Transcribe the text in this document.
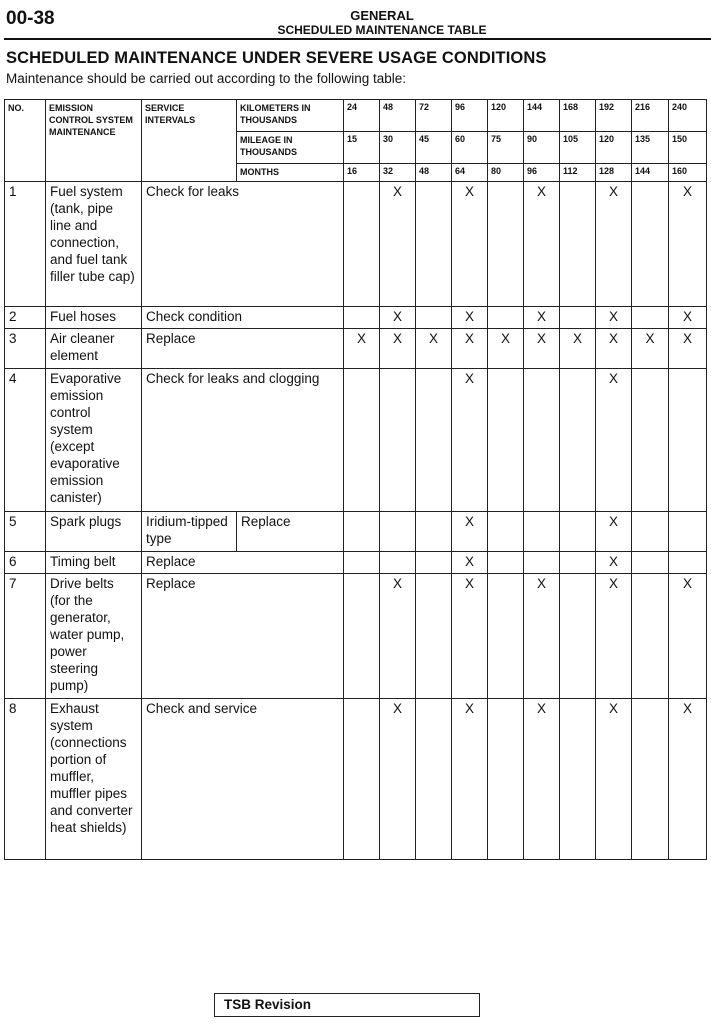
00-38	GENERAL
SCHEDULED MAINTENANCE TABLE
SCHEDULED MAINTENANCE UNDER SEVERE USAGE CONDITIONS
Maintenance should be carried out according to the following table:
NO.	EMISSION CONTROL SYSTEM MAINTENANCE	SERVICE INTERVALS	KILOMETERS IN THOUSANDS	24	48	72	96	120	144	168	192	216	240
			MILEAGE IN THOUSANDS	15	30	45	60	75	90	105	120	135	150
			MONTHS	16	32	48	64	80	96	112	128	144	160
1	Fuel system (tank, pipe line and connection, and fuel tank filler tube cap)	Check for leaks			X		X		X		X		X
2	Fuel hoses	Check condition			X		X		X		X		X
3	Air cleaner element	Replace		X	X	X	X	X	X	X	X	X	X
4	Evaporative emission control system (except evaporative emission canister)	Check for leaks and clogging					X				X		
5	Spark plugs	Iridium-tipped type	Replace				X				X		
6	Timing belt	Replace					X				X		
7	Drive belts (for the generator, water pump, power steering pump)	Replace			X		X		X		X		X
8	Exhaust system (connections portion of muffler, muffler pipes and converter heat shields)	Check and service			X		X		X		X		X
TSB Revision
